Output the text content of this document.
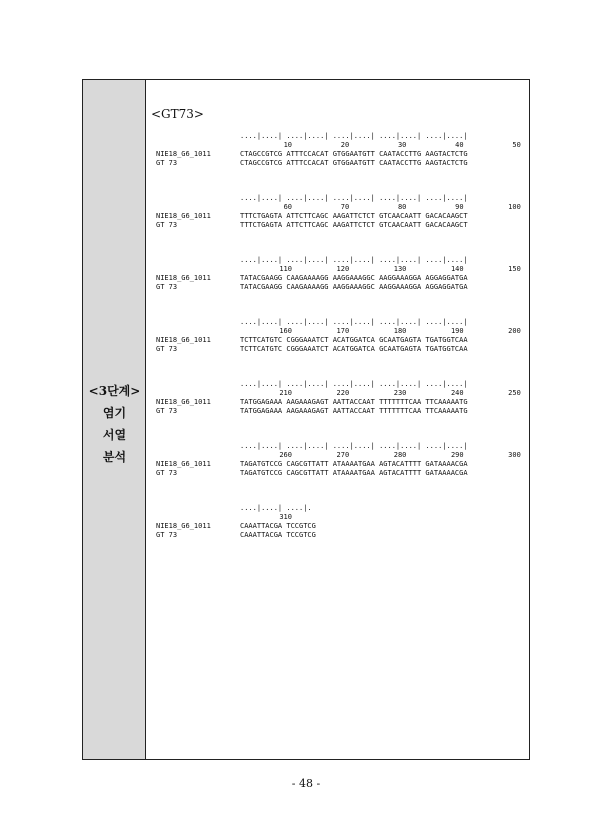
<3단계>
염기
서열
분석
<GT73>
....|....| ....|....| ....|....| ....|....| ....|....|
10	20	30	40	50
NIE18_G6_1011	CTAGCCGTCG ATTTCCACAT GTGGAATGTT CAATACCTTG AAGTACTCTG
GT 73	CTAGCCGTCG ATTTCCACAT GTGGAATGTT CAATACCTTG AAGTACTCTG
....|....| ....|....| ....|....| ....|....| ....|....|
60	70	80	90	100
NIE18_G6_1011	TTTCTGAGTA ATTCTTCAGC AAGATTCTCT GTCAACAATT GACACAAGCT
GT 73	TTTCTGAGTA ATTCTTCAGC AAGATTCTCT GTCAACAATT GACACAAGCT
....|....| ....|....| ....|....| ....|....| ....|....|
110	120	130	140	150
NIE18_G6_1011	TATACGAAGG CAAGAAAAGG AAGGAAAGGC AAGGAAAGGA AGGAGGATGA
GT 73	TATACGAAGG CAAGAAAAGG AAGGAAAGGC AAGGAAAGGA AGGAGGATGA
....|....| ....|....| ....|....| ....|....| ....|....|
160	170	180	190	200
NIE18_G6_1011	TCTTCATGTC CGGGAAATCT ACATGGATCA GCAATGAGTA TGATGGTCAA
GT 73	TCTTCATGTC CGGGAAATCT ACATGGATCA GCAATGAGTA TGATGGTCAA
....|....| ....|....| ....|....| ....|....| ....|....|
210	220	230	240	250
NIE18_G6_1011	TATGGAGAAA AAGAAAGAGT AATTACCAAT TTTTTTTCAA TTCAAAAATG
GT 73	TATGGAGAAA AAGAAAGAGT AATTACCAAT TTTTTTTCAA TTCAAAAATG
....|....| ....|....| ....|....| ....|....| ....|....|
260	270	280	290	300
NIE18_G6_1011	TAGATGTCCG CAGCGTTATT ATAAAATGAA AGTACATTTT GATAAAACGA
GT 73	TAGATGTCCG CAGCGTTATT ATAAAATGAA AGTACATTTT GATAAAACGA
....|....| ....|.
310
NIE18_G6_1011	CAAATTACGA TCCGTCG
GT 73	CAAATTACGA TCCGTCG
- 48 -
